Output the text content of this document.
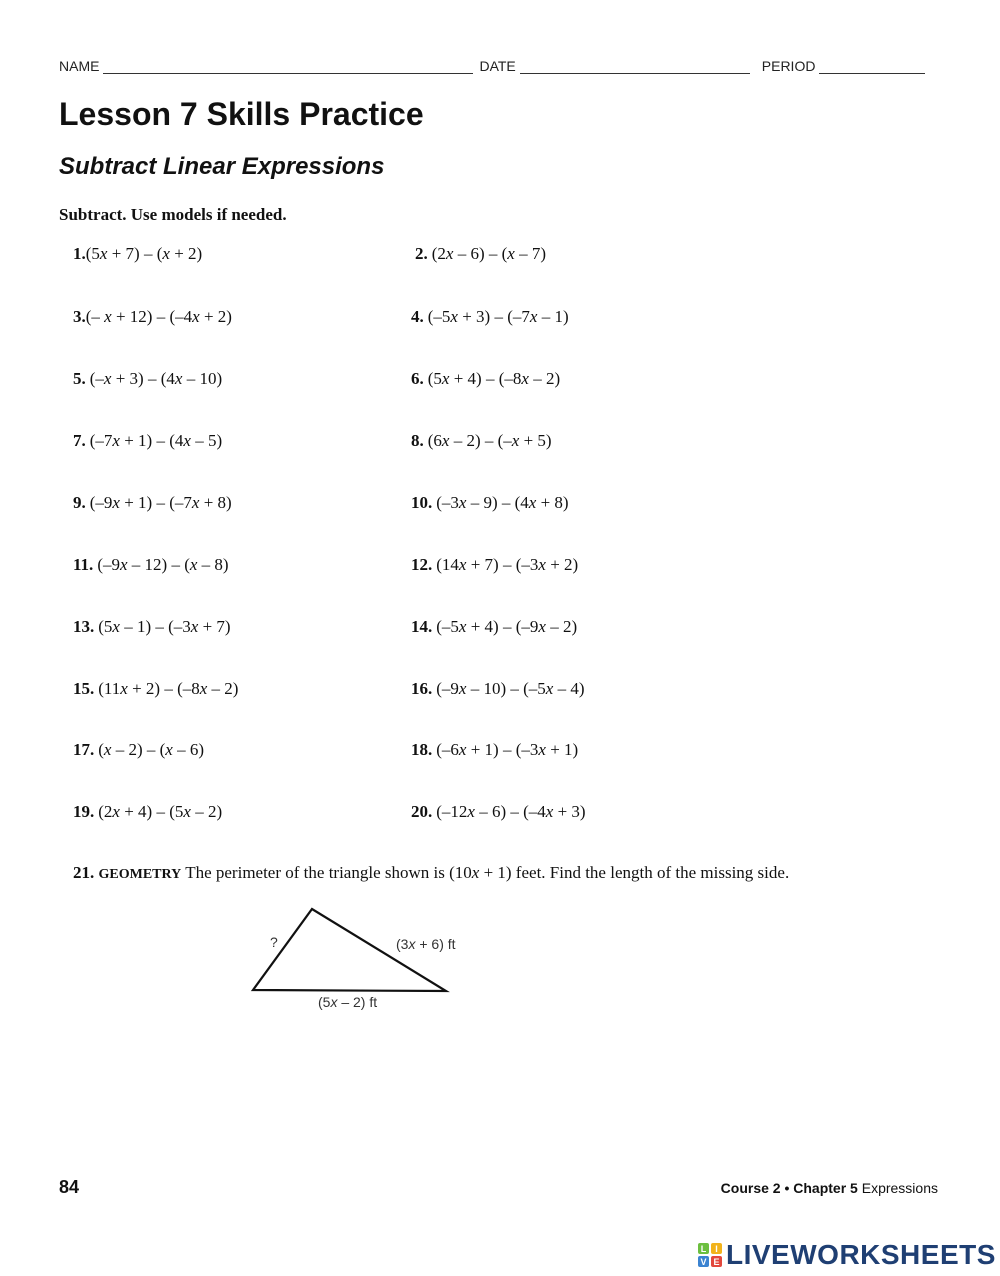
NAME	DATE	PERIOD
Lesson 7 Skills Practice
Subtract Linear Expressions
Subtract. Use models if needed.
1.(5x + 7) – (x + 2)	2. (2x – 6) – (x – 7)
3.(– x + 12) – (–4x + 2)	4. (–5x + 3) – (–7x – 1)
5. (–x + 3) – (4x – 10)	6. (5x + 4) – (–8x – 2)
7. (–7x + 1) – (4x – 5)	8. (6x – 2) – (–x + 5)
9. (–9x + 1) – (–7x + 8)	10. (–3x – 9) – (4x + 8)
11. (–9x – 12) – (x – 8)	12. (14x + 7) – (–3x + 2)
13. (5x – 1) – (–3x + 7)	14. (–5x + 4) – (–9x – 2)
15. (11x + 2) – (–8x – 2)	16. (–9x – 10) – (–5x – 4)
17. (x – 2) – (x – 6)	18. (–6x + 1) – (–3x + 1)
19. (2x + 4) – (5x – 2)	20. (–12x – 6) – (–4x + 3)
21. GEOMETRY The perimeter of the triangle shown is (10x + 1) feet. Find the length of the missing side.
?	(3x + 6) ft
(5x – 2) ft
84	Course 2 • Chapter 5 Expressions
L I
V E LIVEWORKSHEETS
